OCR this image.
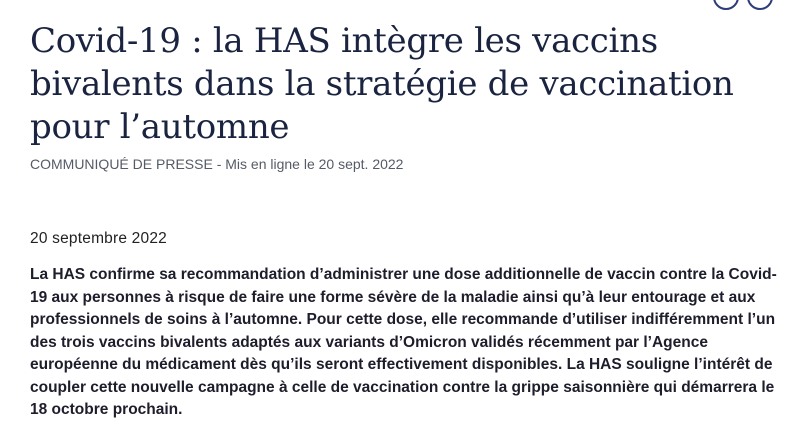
Covid-19 : la HAS intègre les vaccins bivalents dans la stratégie de vaccination pour l’automne
COMMUNIQUÉ DE PRESSE - Mis en ligne le 20 sept. 2022
20 septembre 2022

La HAS confirme sa recommandation d’administrer une dose additionnelle de vaccin contre la Covid-19 aux personnes à risque de faire une forme sévère de la maladie ainsi qu’à leur entourage et aux professionnels de soins à l’automne. Pour cette dose, elle recommande d’utiliser indifféremment l’un des trois vaccins bivalents adaptés aux variants d’Omicron validés récemment par l’Agence européenne du médicament dès qu’ils seront effectivement disponibles. La HAS souligne l’intérêt de coupler cette nouvelle campagne à celle de vaccination contre la grippe saisonnière qui démarrera le 18 octobre prochain.
